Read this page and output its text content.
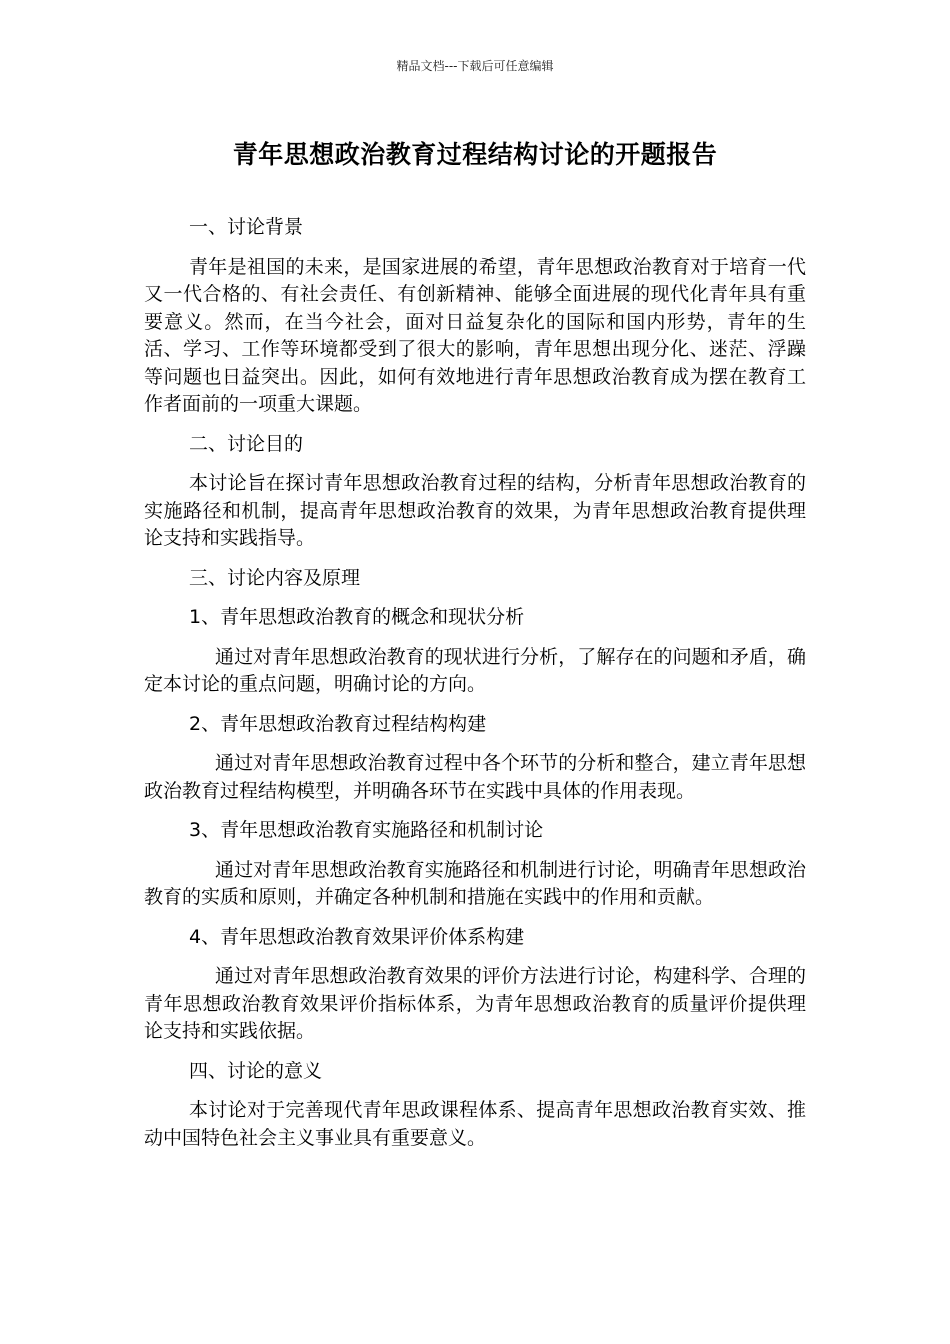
精品文档---下载后可任意编辑
青年思想政治教育过程结构讨论的开题报告

一、讨论背景

青年是祖国的未来，是国家进展的希望，青年思想政治教育对于培育一代又一代合格的、有社会责任、有创新精神、能够全面进展的现代化青年具有重要意义。然而，在当今社会，面对日益复杂化的国际和国内形势，青年的生活、学习、工作等环境都受到了很大的影响，青年思想出现分化、迷茫、浮躁等问题也日益突出。因此，如何有效地进行青年思想政治教育成为摆在教育工作者面前的一项重大课题。

二、讨论目的

本讨论旨在探讨青年思想政治教育过程的结构，分析青年思想政治教育的实施路径和机制，提高青年思想政治教育的效果，为青年思想政治教育提供理论支持和实践指导。

三、讨论内容及原理

1、青年思想政治教育的概念和现状分析

通过对青年思想政治教育的现状进行分析，了解存在的问题和矛盾，确定本讨论的重点问题，明确讨论的方向。

2、青年思想政治教育过程结构构建

通过对青年思想政治教育过程中各个环节的分析和整合，建立青年思想政治教育过程结构模型，并明确各环节在实践中具体的作用表现。

3、青年思想政治教育实施路径和机制讨论

通过对青年思想政治教育实施路径和机制进行讨论，明确青年思想政治教育的实质和原则，并确定各种机制和措施在实践中的作用和贡献。

4、青年思想政治教育效果评价体系构建

通过对青年思想政治教育效果的评价方法进行讨论，构建科学、合理的青年思想政治教育效果评价指标体系，为青年思想政治教育的质量评价提供理论支持和实践依据。

四、讨论的意义

本讨论对于完善现代青年思政课程体系、提高青年思想政治教育实效、推动中国特色社会主义事业具有重要意义。
